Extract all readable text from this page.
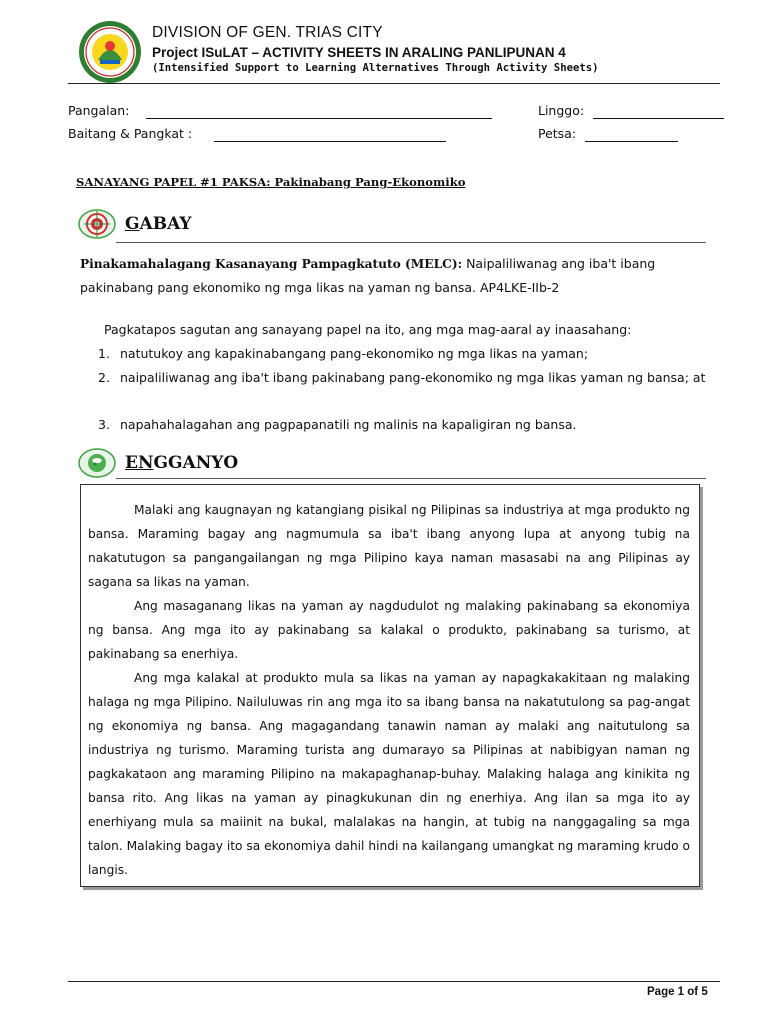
DIVISION OF GEN. TRIAS CITY
Project ISuLAT – ACTIVITY SHEETS IN ARALING PANLIPUNAN 4
(Intensified Support to Learning Alternatives Through Activity Sheets)
Pangalan:	Linggo:
Baitang & Pangkat :	Petsa:
SANAYANG PAPEL #1 PAKSA: Pakinabang Pang-Ekonomiko
GABAY
Pinakamahalagang Kasanayang Pampagkatuto (MELC): Naipaliliwanag ang iba't ibang pakinabang pang ekonomiko ng mga likas na yaman ng bansa. AP4LKE-IIb-2
Pagkatapos sagutan ang sanayang papel na ito, ang mga mag-aaral ay inaasahang:
1. natutukoy ang kapakinabangang pang-ekonomiko ng mga likas na yaman;
2. naipaliliwanag ang iba't ibang pakinabang pang-ekonomiko ng mga likas yaman ng bansa; at
3. napahahalagahan ang pagpapanatili ng malinis na kapaligiran ng bansa.
ENGGANYO

Malaki ang kaugnayan ng katangiang pisikal ng Pilipinas sa industriya at mga produkto ng bansa. Maraming bagay ang nagmumula sa iba't ibang anyong lupa at anyong tubig na nakatutugon sa pangangailangan ng mga Pilipino kaya naman masasabi na ang Pilipinas ay sagana sa likas na yaman.

Ang masaganang likas na yaman ay nagdudulot ng malaking pakinabang sa ekonomiya ng bansa. Ang mga ito ay pakinabang sa kalakal o produkto, pakinabang sa turismo, at pakinabang sa enerhiya.

Ang mga kalakal at produkto mula sa likas na yaman ay napagkakakitaan ng malaking halaga ng mga Pilipino. Nailuluwas rin ang mga ito sa ibang bansa na nakatutulong sa pag-angat ng ekonomiya ng bansa. Ang magagandang tanawin naman ay malaki ang naitutulong sa industriya ng turismo. Maraming turista ang dumarayo sa Pilipinas at nabibigyan naman ng pagkakataon ang maraming Pilipino na makapaghanap-buhay. Malaking halaga ang kinikita ng bansa rito. Ang likas na yaman ay pinagkukunan din ng enerhiya. Ang ilan sa mga ito ay enerhiyang mula sa maiinit na bukal, malalakas na hangin, at tubig na nanggagaling sa mga talon. Malaking bagay ito sa ekonomiya dahil hindi na kailangang umangkat ng maraming krudo o langis.

Page 1 of 5
